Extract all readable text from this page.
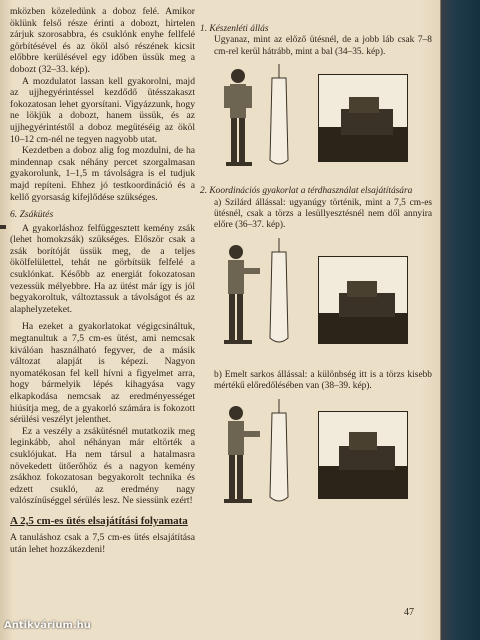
mközben közeledünk a doboz felé. Amikor öklünk felső része érinti a dobozt, hirtelen zárjuk szorosabbra, és csuklónk enyhe fellfelé görbítésével és az ököl alsó részének kicsit előbbre kerülésével egy időben üssük meg a dobozt (32–33. kép).

A mozdulatot lassan kell gyakorolni, majd az ujjhegyérintéssel kezdődő ütésszakaszt fokozatosan lehet gyorsítani. Vigyázzunk, hogy ne lökjük a dobozt, hanem üssük, és az ujjhegyérintéstől a doboz megütéséig az ököl 10–12 cm-nél ne tegyen nagyobb utat.

Kezdetben a doboz alig fog mozdulni, de ha mindennap csak néhány percet szorgalmasan gyakorolunk, 1–1,5 m távolságra is el tudjuk majd repíteni. Ehhez jó testkoordináció és a kellő gyorsaság kifejlődése szükséges.

6. Zsákütés

A gyakorláshoz felfüggesztett kemény zsák (lehet homokzsák) szükséges. Először csak a zsák borítóját üssük meg, de a teljes ökölfelülettel, tehát ne görbítsük felfelé a csuklónkat. Később az energiát fokozatosan vezessük mélyebbre. Ha az ütést már így is jól begyakoroltuk, változtassuk a távolságot és az alaphelyzeteket.

Ha ezeket a gyakorlatokat végigcsináltuk, megtanultuk a 7,5 cm-es ütést, ami nemcsak kiválóan használható fegyver, de a másik változat alapját is képezi. Nagyon nyomatékosan fel kell hívni a figyelmet arra, hogy bármelyik lépés kihagyása vagy elkapkodása nemcsak az eredményességet hiúsítja meg, de a gyakorló számára is fokozott sérülési veszélyt jelenthet.

Ez a veszély a zsákütésnél mutatkozik meg leginkább, ahol néhányan már eltörték a csuklójukat. Ha nem társul a hatalmasra növekedett ütőerőhöz és a nagyon kemény zsákhoz fokozatosan begyakorolt technika és edzett csukló, az eredmény nagy valószínűséggel sérülés lesz. Ne siessünk ezért!

A 2,5 cm-es ütés elsajátítási folyamata

A tanuláshoz csak a 7,5 cm-es ütés elsajátítása után lehet hozzákezdeni!

1. Készenléti állás

Ugyanaz, mint az előző ütésnél, de a jobb láb csak 7–8 cm-rel kerül hátrább, mint a bal (34–35. kép).

2. Koordinációs gyakorlat a térdhasználat elsajátítására

a) Szilárd állással: ugyanúgy történik, mint a 7,5 cm-es ütésnél, csak a törzs a lesüllyesztésnél nem dől annyira előre (36–37. kép).

b) Emelt sarkos állással: a különbség itt is a törzs kisebb mértékű előredőlésében van (38–39. kép).

47
Antikvárium.hu
